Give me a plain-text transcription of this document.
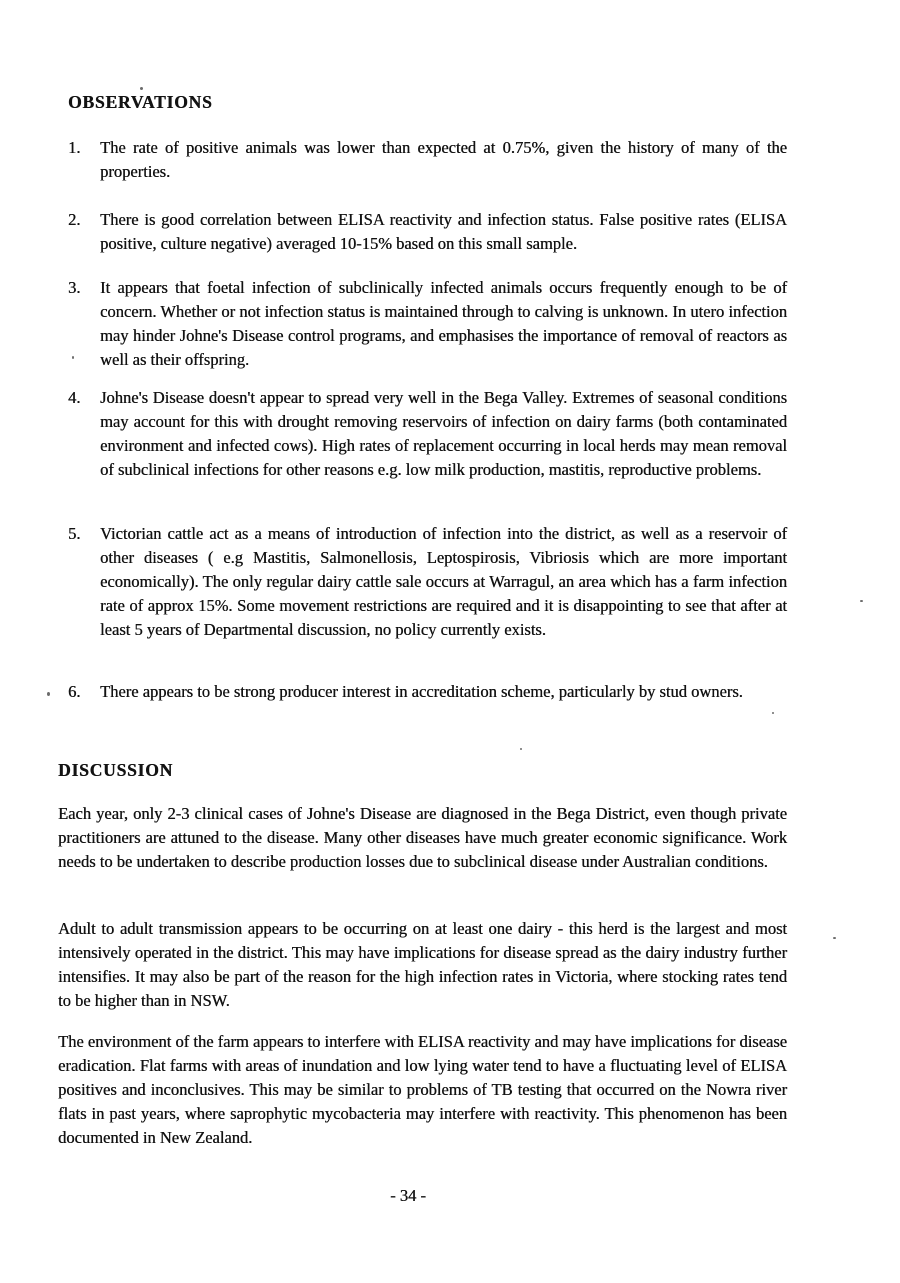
OBSERVATIONS
1. The rate of positive animals was lower than expected at 0.75%, given the history of many of the properties.
2. There is good correlation between ELISA reactivity and infection status. False positive rates (ELISA positive, culture negative) averaged 10-15% based on this small sample.
3. It appears that foetal infection of subclinically infected animals occurs frequently enough to be of concern. Whether or not infection status is maintained through to calving is unknown. In utero infection may hinder Johne's Disease control programs, and emphasises the importance of removal of reactors as well as their offspring.
4. Johne's Disease doesn't appear to spread very well in the Bega Valley. Extremes of seasonal conditions may account for this with drought removing reservoirs of infection on dairy farms (both contaminated environment and infected cows). High rates of replacement occurring in local herds may mean removal of subclinical infections for other reasons e.g. low milk production, mastitis, reproductive problems.
5. Victorian cattle act as a means of introduction of infection into the district, as well as a reservoir of other diseases ( e.g Mastitis, Salmonellosis, Leptospirosis, Vibriosis which are more important economically). The only regular dairy cattle sale occurs at Warragul, an area which has a farm infection rate of approx 15%. Some movement restrictions are required and it is disappointing to see that after at least 5 years of Departmental discussion, no policy currently exists.
6. There appears to be strong producer interest in accreditation scheme, particularly by stud owners.
DISCUSSION
Each year, only 2-3 clinical cases of Johne's Disease are diagnosed in the Bega District, even though private practitioners are attuned to the disease. Many other diseases have much greater economic significance. Work needs to be undertaken to describe production losses due to subclinical disease under Australian conditions.
Adult to adult transmission appears to be occurring on at least one dairy - this herd is the largest and most intensively operated in the district. This may have implications for disease spread as the dairy industry further intensifies. It may also be part of the reason for the high infection rates in Victoria, where stocking rates tend to be higher than in NSW.
The environment of the farm appears to interfere with ELISA reactivity and may have implications for disease eradication. Flat farms with areas of inundation and low lying water tend to have a fluctuating level of ELISA positives and inconclusives. This may be similar to problems of TB testing that occurred on the Nowra river flats in past years, where saprophytic mycobacteria may interfere with reactivity. This phenomenon has been documented in New Zealand.
- 34 -
